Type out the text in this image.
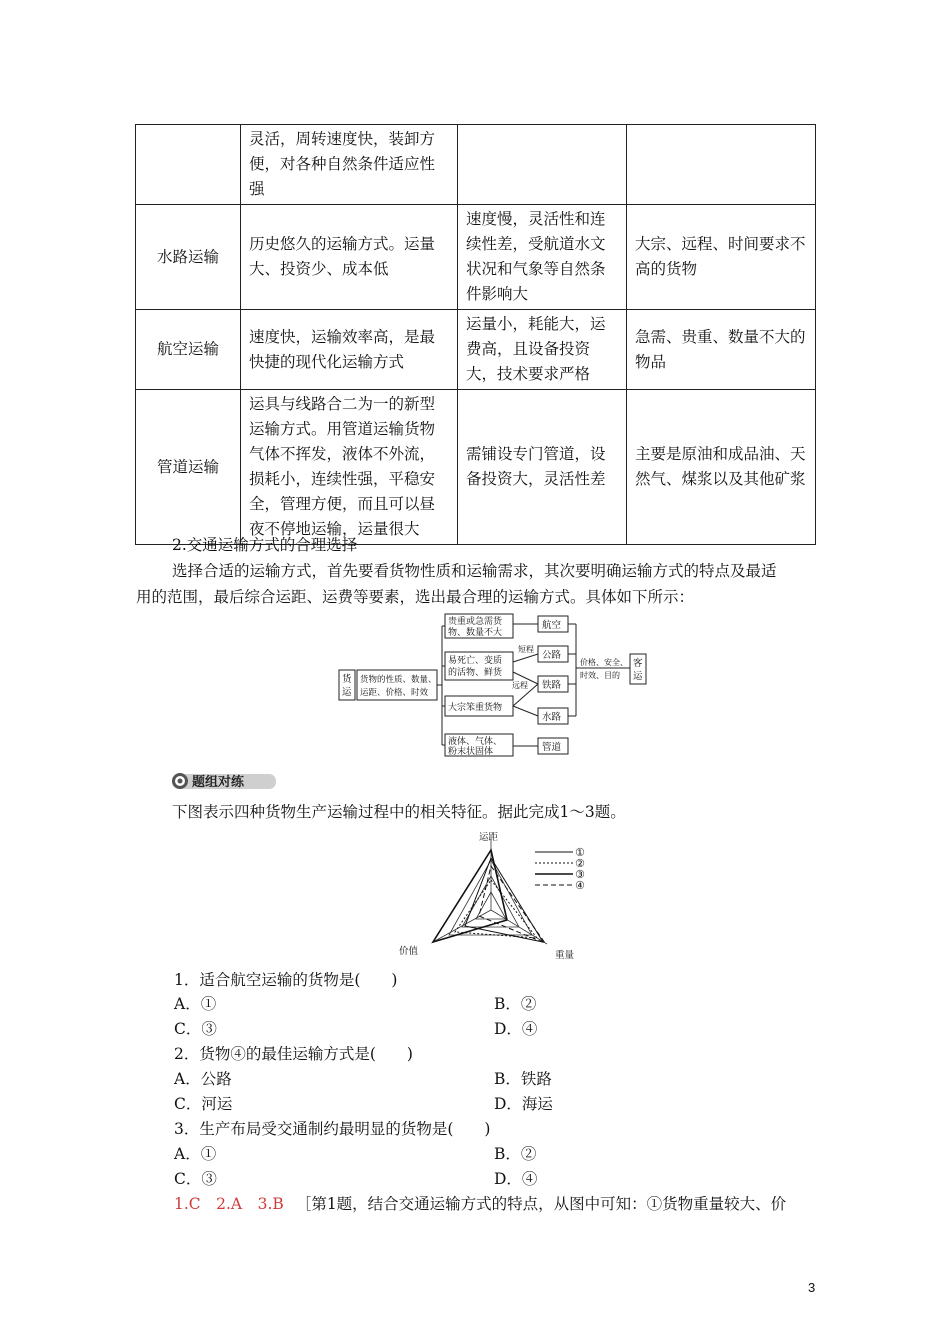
	灵活，周转速度快，装卸方便，对各种自然条件适应性强		
水路运输	历史悠久的运输方式。运量大、投资少、成本低	速度慢，灵活性和连续性差，受航道水文状况和气象等自然条件影响大	大宗、远程、时间要求不高的货物
航空运输	速度快，运输效率高，是最快捷的现代化运输方式	运量小，耗能大，运费高，且设备投资大，技术要求严格	急需、贵重、数量不大的物品
管道运输	运具与线路合二为一的新型运输方式。用管道运输货物气体不挥发，液体不外流，损耗小，连续性强，平稳安全，管理方便，而且可以昼夜不停地运输，运量很大	需铺设专门管道，设备投资大，灵活性差	主要是原油和成品油、天然气、煤浆以及其他矿浆
2.交通运输方式的合理选择
选择合适的运输方式，首先要看货物性质和运输需求，其次要明确运输方式的特点及最适
用的范围，最后综合运距、运费等要素，选出最合理的运输方式。具体如下所示：
货
运
货物的性质、数量、
运距、价格、时效
贵重或急需货
物、数量不大
易死亡、变质
的活物、鲜货
大宗笨重货物
液体、气体、
粉末状固体
短程
远程
航空
公路
铁路
水路
管道
价格、安全、
时效、目的
客
运
题组对练
下图表示四种货物生产运输过程中的相关特征。据此完成1～3题。
运距
重量
价值
①
②
③
④
1．适合航空运输的货物是(　　)
A．①	B．②
C．③	D．④
2．货物④的最佳运输方式是(　　)
A．公路	B．铁路
C．河运	D．海运
3．生产布局受交通制约最明显的货物是(　　)
A．①	B．②
C．③	D．④
1.C　2.A　3.B ［第1题，结合交通运输方式的特点，从图中可知：①货物重量较大、价
3
